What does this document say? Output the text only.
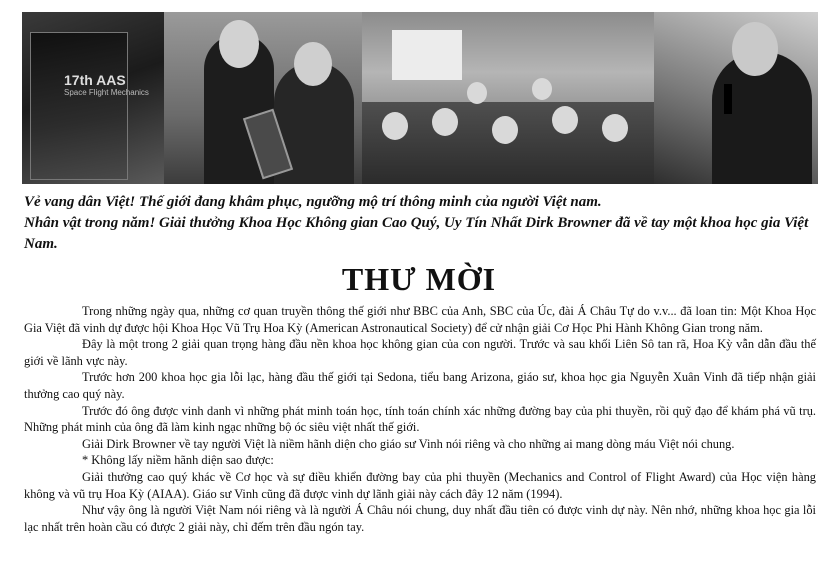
17th AAS
Space Flight Mechanics

Vẻ vang dân Việt! Thế giới đang khâm phục, ngưỡng mộ trí thông minh của người Việt nam.

Nhân vật trong năm! Giải thưởng Khoa Học Không gian Cao Quý, Uy Tín Nhất Dirk Browner đã về tay một khoa học gia Việt Nam.

THƯ MỜI

Trong những ngày qua, những cơ quan truyền thông thế giới như BBC của Anh, SBC của Úc, đài Á Châu Tự do v.v... đã loan tin: Một Khoa Học Gia Việt đã vinh dự được hội Khoa Học Vũ Trụ Hoa Kỳ (American Astronautical Society) để cử nhận giải Cơ Học Phi Hành Không Gian trong năm.

Đây là một trong 2 giải quan trọng hàng đầu nền khoa học không gian của con người. Trước và sau khối Liên Sô tan rã, Hoa Kỳ vẫn dẫn đầu thế giới về lãnh vực này.

Trước hơn 200 khoa học gia lỗi lạc, hàng đầu thế giới tại Sedona, tiểu bang Arizona, giáo sư, khoa học gia Nguyễn Xuân Vinh đã tiếp nhận giải thưởng cao quý này.

Trước đó ông được vinh danh vì những phát minh toán học, tính toán chính xác những đường bay của phi thuyền, rồi quỹ đạo để khám phá vũ trụ. Những phát minh của ông đã làm kinh ngạc những bộ óc siêu việt nhất thế giới.

Giải Dirk Browner về tay người Việt là niềm hãnh diện cho giáo sư Vinh nói riêng và cho những ai mang dòng máu Việt nói chung.

* Không lấy niềm hãnh diện sao được:

Giải thưởng cao quý khác về Cơ học và sự điều khiển đường bay của phi thuyền (Mechanics and Control of Flight Award) của Học viện hàng không và vũ trụ Hoa Kỳ (AIAA). Giáo sư Vinh cũng đã được vinh dự lãnh giải này cách đây 12 năm (1994).

Như vậy ông là người Việt Nam nói riêng và là người Á Châu nói chung, duy nhất đầu tiên có được vinh dự này. Nên nhớ, những khoa học gia lỗi lạc nhất trên hoàn cầu có được 2 giải này, chỉ đếm trên đầu ngón tay.
